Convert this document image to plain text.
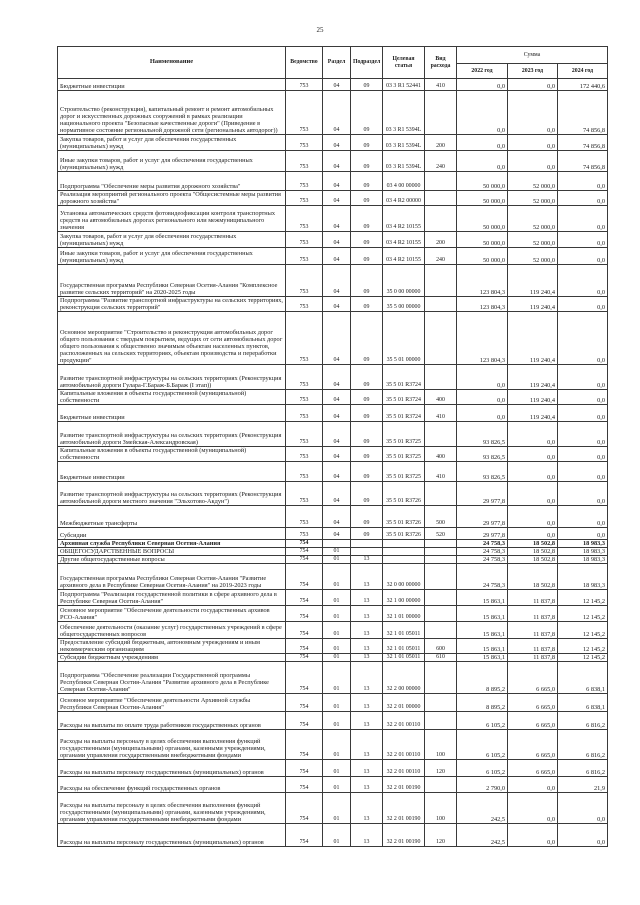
25
Наименование	Ведомство	Раздел	Подраздел	Целевая статья	Вид расхода	Сумма		
						2022 год	2023 год	2024 год
Бюджетные инвестиции	753	04	09	03 3 R1 52441	410	0,0	0,0	172 440,6
Строительство (реконструкция), капитальный ремонт и ремонт автомобильных дорог и искусственных дорожных сооружений в рамках реализации национального проекта "Безопасные качественные дороги" (Приведение в нормативное состояние региональной дорожной сети (региональных автодорог))	753	04	09	03 3 R1 5394L		0,0	0,0	74 856,8
Закупка товаров, работ и услуг для обеспечения государственных (муниципальных) нужд	753	04	09	03 3 R1 5394L	200	0,0	0,0	74 856,8
Иные закупки товаров, работ и услуг для обеспечения государственных (муниципальных) нужд	753	04	09	03 3 R1 5394L	240	0,0	0,0	74 856,8
Подпрограмма "Обеспечение меры развития дорожного хозяйства"	753	04	09	03 4 00 00000		50 000,0	52 000,0	0,0
Реализация мероприятий регионального проекта "Общесистемные меры развития дорожного хозяйства"	753	04	09	03 4 R2 00000		50 000,0	52 000,0	0,0
Установка автоматических средств фотовидеофиксации контроля транспортных средств на автомобильных дорогах регионального или межмуниципального значения	753	04	09	03 4 R2 10155		50 000,0	52 000,0	0,0
Закупка товаров, работ и услуг для обеспечения государственных (муниципальных) нужд	753	04	09	03 4 R2 10155	200	50 000,0	52 000,0	0,0
Иные закупки товаров, работ и услуг для обеспечения государственных (муниципальных) нужд	753	04	09	03 4 R2 10155	240	50 000,0	52 000,0	0,0
Государственная программа Республики Северная Осетия-Алания "Комплексное развитие сельских территорий" на 2020-2025 годы	753	04	09	35 0 00 00000		123 804,3	119 240,4	0,0
Подпрограмма "Развитие транспортной инфраструктуры на сельских территориях, реконструкция сельских территорий"	753	04	09	35 5 00 00000		123 804,3	119 240,4	0,0
Основное мероприятие "Строительство и реконструкция автомобильных дорог общего пользования с твердым покрытием, ведущих от сети автомобильных дорог общего пользования к общественно значимым объектам населенных пунктов, расположенных на сельских территориях, объектам производства и переработки продукции"	753	04	09	35 5 01 00000		123 804,3	119 240,4	0,0
Развитие транспортной инфраструктуры на сельских территориях (Реконструкция автомобильной дороги Гулара-Г.Бараж-Б.Бараж (I этап))	753	04	09	35 5 01 R3724		0,0	119 240,4	0,0
Капитальные вложения в объекты государственной (муниципальной) собственности	753	04	09	35 5 01 R3724	400	0,0	119 240,4	0,0
Бюджетные инвестиции	753	04	09	35 5 01 R3724	410	0,0	119 240,4	0,0
Развитие транспортной инфраструктуры на сельских территориях (Реконструкция автомобильной дороги Змейская-Александровская)	753	04	09	35 5 01 R3725		93 826,5	0,0	0,0
Капитальные вложения в объекты государственной (муниципальной) собственности	753	04	09	35 5 01 R3725	400	93 826,5	0,0	0,0
Бюджетные инвестиции	753	04	09	35 5 01 R3725	410	93 826,5	0,0	0,0
Развитие транспортной инфраструктуры на сельских территориях (Реконструкция автомобильной дороги местного значения "Эльхотово-Акдун")	753	04	09	35 5 01 R3726		29 977,8	0,0	0,0
Межбюджетные трансферты	753	04	09	35 5 01 R3726	500	29 977,8	0,0	0,0
Субсидии	753	04	09	35 5 01 R3726	520	29 977,8	0,0	0,0
Архивная служба Республики Северная Осетия-Алания	754					24 758,3	18 502,8	18 983,3
ОБЩЕГОСУДАРСТВЕННЫЕ ВОПРОСЫ	754	01				24 758,3	18 502,8	18 983,3
Другие общегосударственные вопросы	754	01	13			24 758,3	18 502,8	18 983,3
Государственная программа Республики Северная Осетия-Алания "Развитие архивного дела в Республике Северная Осетия-Алания" на 2019-2023 годы	754	01	13	32 0 00 00000		24 758,3	18 502,8	18 983,3
Подпрограмма "Реализация государственной политики в сфере архивного дела в Республике Северная Осетия-Алания"	754	01	13	32 1 00 00000		15 863,1	11 837,8	12 145,2
Основное мероприятие "Обеспечение деятельности государственных архивов РСО-Алания"	754	01	13	32 1 01 00000		15 863,1	11 837,8	12 145,2
Обеспечение деятельности (оказание услуг) государственных учреждений в сфере общегосударственных вопросов	754	01	13	32 1 01 05011		15 863,1	11 837,8	12 145,2
Предоставление субсидий бюджетным, автономным учреждениям и иным некоммерческим организациям	754	01	13	32 1 01 05011	600	15 863,1	11 837,8	12 145,2
Субсидии бюджетным учреждениям	754	01	13	32 1 01 05011	610	15 863,1	11 837,8	12 145,2
Подпрограмма "Обеспечение реализации Государственной программы Республики Северная Осетия-Алания "Развитие архивного дела в Республике Северная Осетия-Алания"	754	01	13	32 2 00 00000		8 895,2	6 665,0	6 838,1
Основное мероприятие "Обеспечение деятельности Архивной службы Республики Северная Осетия-Алания"	754	01	13	32 2 01 00000		8 895,2	6 665,0	6 838,1
Расходы на выплаты по оплате труда работников государственных органов	754	01	13	32 2 01 00110		6 105,2	6 665,0	6 816,2
Расходы на выплаты персоналу в целях обеспечения выполнения функций государственными (муниципальными) органами, казенными учреждениями, органами управления государственными внебюджетными фондами	754	01	13	32 2 01 00110	100	6 105,2	6 665,0	6 816,2
Расходы на выплаты персоналу государственных (муниципальных) органов	754	01	13	32 2 01 00110	120	6 105,2	6 665,0	6 816,2
Расходы на обеспечение функций государственных органов	754	01	13	32 2 01 00190		2 790,0	0,0	21,9
Расходы на выплаты персоналу в целях обеспечения выполнения функций государственными (муниципальными) органами, казенными учреждениями, органами управления государственными внебюджетными фондами	754	01	13	32 2 01 00190	100	242,5	0,0	0,0
Расходы на выплаты персоналу государственных (муниципальных) органов	754	01	13	32 2 01 00190	120	242,5	0,0	0,0
